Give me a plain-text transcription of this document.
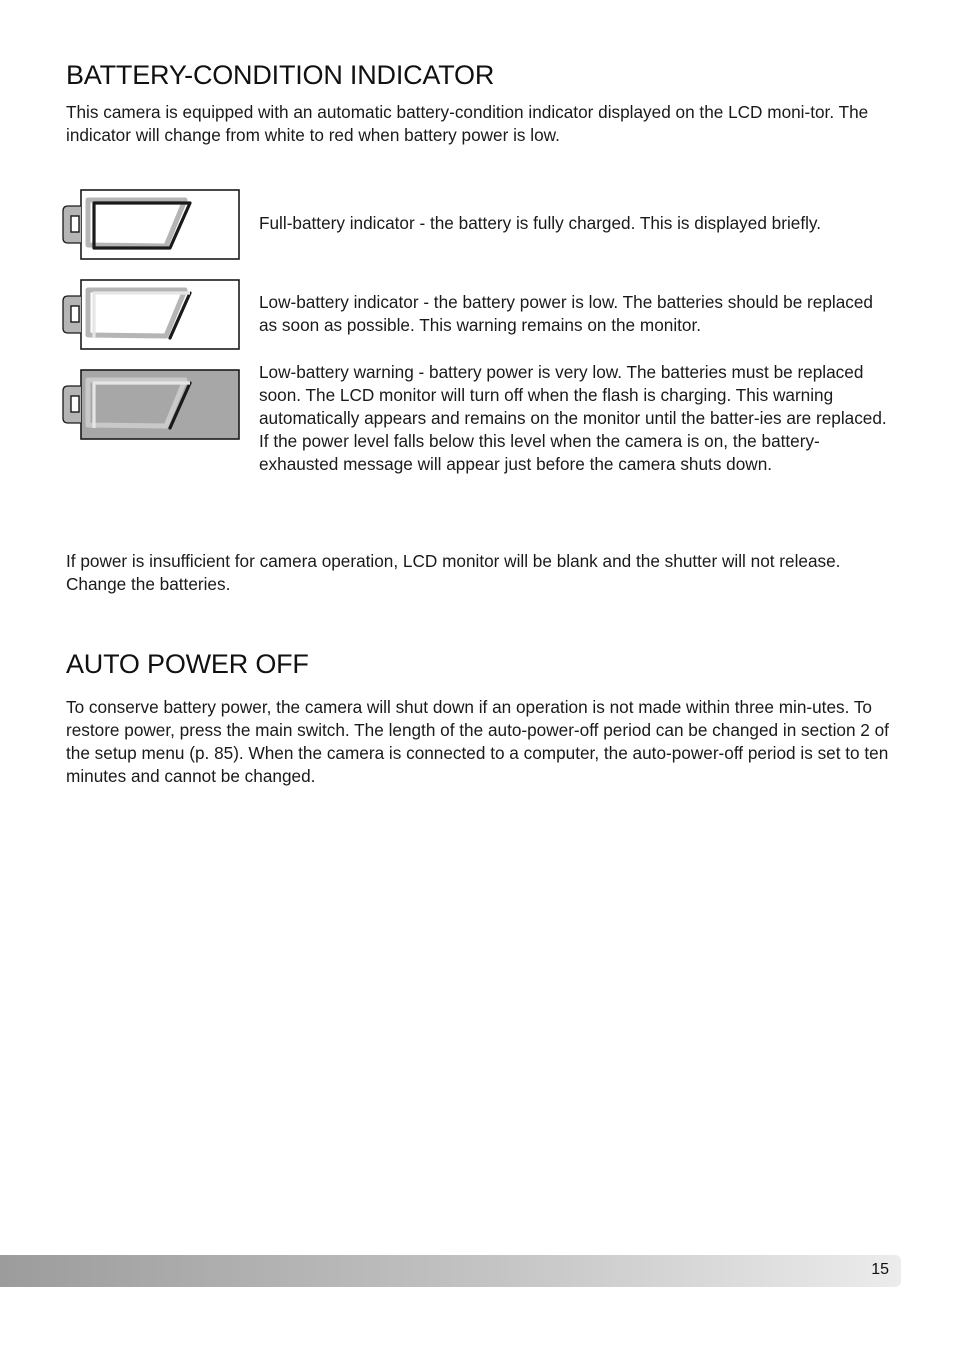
BATTERY-CONDITION INDICATOR

This camera is equipped with an automatic battery-condition indicator displayed on the LCD moni-tor. The indicator will change from white to red when battery power is low.

Full-battery indicator - the battery is fully charged. This is displayed briefly.

Low-battery indicator - the battery power is low. The batteries should be replaced as soon as possible. This warning remains on the monitor.

Low-battery warning - battery power is very low. The batteries must be replaced soon. The LCD monitor will turn off when the flash is charging. This warning automatically appears and remains on the monitor until the batter-ies are replaced. If the power level falls below this level when the camera is on, the battery-exhausted message will appear just before the camera shuts down.

If power is insufficient for camera operation, LCD monitor will be blank and the shutter will not release. Change the batteries.

AUTO POWER OFF

To conserve battery power, the camera will shut down if an operation is not made within three min-utes. To restore power, press the main switch. The length of the auto-power-off period can be changed in section 2 of the setup menu (p. 85). When the camera is connected to a computer, the auto-power-off period is set to ten minutes and cannot be changed.

15
